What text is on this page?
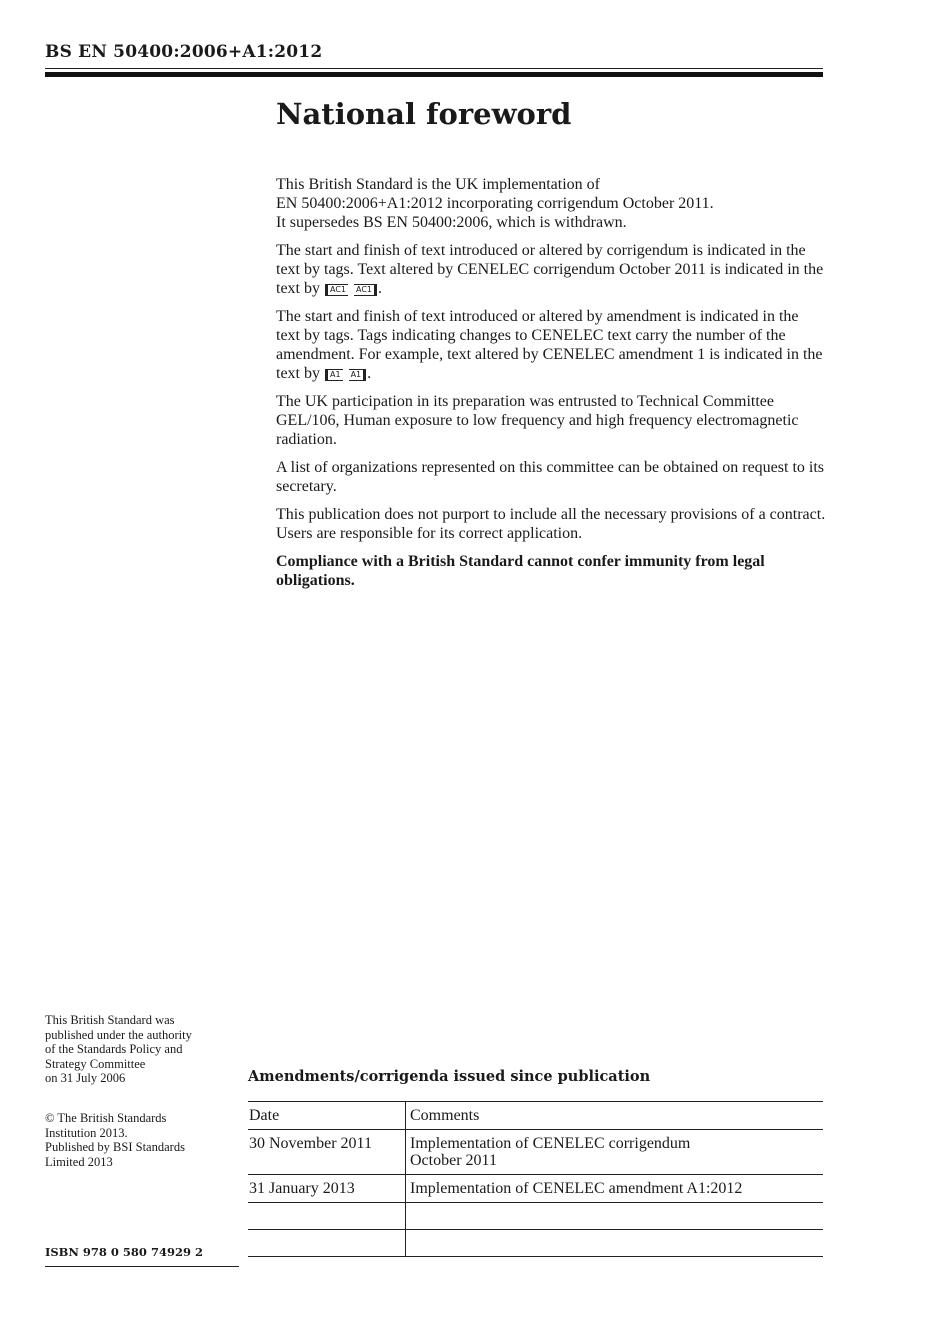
BS EN 50400:2006+A1:2012
National foreword

This British Standard is the UK implementation of
EN 50400:2006+A1:2012 incorporating corrigendum October 2011.
It supersedes BS EN 50400:2006, which is withdrawn.

The start and finish of text introduced or altered by corrigendum is indicated in the text by tags. Text altered by CENELEC corrigendum October 2011 is indicated in the text by AC1 AC1 .

The start and finish of text introduced or altered by amendment is indicated in the text by tags. Tags indicating changes to CENELEC text carry the number of the amendment. For example, text altered by CENELEC amendment 1 is indicated in the text by A1 A1 .

The UK participation in its preparation was entrusted to Technical Committee GEL/106, Human exposure to low frequency and high frequency electromagnetic radiation.

A list of organizations represented on this committee can be obtained on request to its secretary.

This publication does not purport to include all the necessary provisions of a contract. Users are responsible for its correct application.

Compliance with a British Standard cannot confer immunity from legal obligations.

This British Standard was
published under the authority
of the Standards Policy and
Strategy Committee
on 31 July 2006
© The British Standards
Institution 2013.
Published by BSI Standards
Limited 2013
ISBN 978 0 580 74929 2
Amendments/corrigenda issued since publication
Date	Comments
30 November 2011	Implementation of CENELEC corrigendum
October 2011
31 January 2013	Implementation of CENELEC amendment A1:2012
